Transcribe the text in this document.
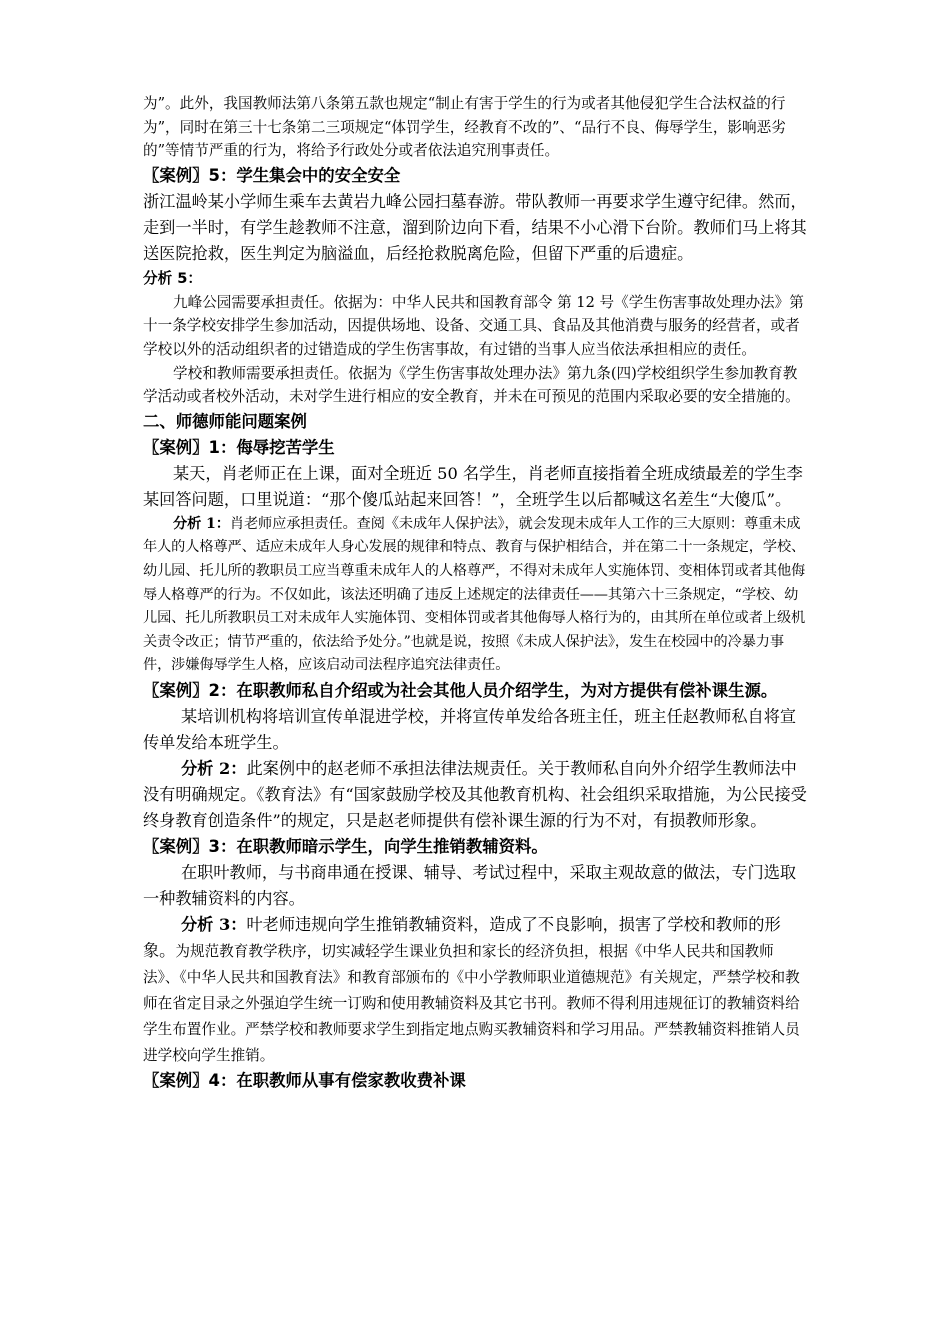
为”。此外，我国教师法第八条第五款也规定“制止有害于学生的行为或者其他侵犯学生合法权益的行为”，同时在第三十七条第二三项规定“体罚学生，经教育不改的”、“品行不良、侮辱学生，影响恶劣的”等情节严重的行为，将给予行政处分或者依法追究刑事责任。

〖案例〗5：学生集会中的安全安全

浙江温岭某小学师生乘车去黄岩九峰公园扫墓春游。带队教师一再要求学生遵守纪律。然而，走到一半时，有学生趁教师不注意，溜到阶边向下看，结果不小心滑下台阶。教师们马上将其送医院抢救，医生判定为脑溢血，后经抢救脱离危险，但留下严重的后遗症。

分析 5：

九峰公园需要承担责任。依据为：中华人民共和国教育部令 第 12 号《学生伤害事故处理办法》第十一条学校安排学生参加活动，因提供场地、设备、交通工具、食品及其他消费与服务的经营者，或者学校以外的活动组织者的过错造成的学生伤害事故，有过错的当事人应当依法承担相应的责任。

学校和教师需要承担责任。依据为《学生伤害事故处理办法》第九条(四)学校组织学生参加教育教学活动或者校外活动，未对学生进行相应的安全教育，并未在可预见的范围内采取必要的安全措施的。

二、师德师能问题案例

〖案例〗1：侮辱挖苦学生

某天，肖老师正在上课，面对全班近 50 名学生，肖老师直接指着全班成绩最差的学生李某回答问题，口里说道：“那个傻瓜站起来回答！”，全班学生以后都喊这名差生“大傻瓜”。

分析 1：肖老师应承担责任。查阅《未成年人保护法》，就会发现未成年人工作的三大原则：尊重未成年人的人格尊严、适应未成年人身心发展的规律和特点、教育与保护相结合，并在第二十一条规定，学校、幼儿园、托儿所的教职员工应当尊重未成年人的人格尊严，不得对未成年人实施体罚、变相体罚或者其他侮辱人格尊严的行为。不仅如此，该法还明确了违反上述规定的法律责任——其第六十三条规定，“学校、幼儿园、托儿所教职员工对未成年人实施体罚、变相体罚或者其他侮辱人格行为的，由其所在单位或者上级机关责令改正；情节严重的，依法给予处分。”也就是说，按照《未成人保护法》，发生在校园中的冷暴力事件，涉嫌侮辱学生人格，应该启动司法程序追究法律责任。

〖案例〗2：在职教师私自介绍或为社会其他人员介绍学生，为对方提供有偿补课生源。

某培训机构将培训宣传单混进学校，并将宣传单发给各班主任，班主任赵教师私自将宣传单发给本班学生。

分析 2：此案例中的赵老师不承担法律法规责任。关于教师私自向外介绍学生教师法中没有明确规定。《教育法》有“国家鼓励学校及其他教育机构、社会组织采取措施，为公民接受终身教育创造条件”的规定，只是赵老师提供有偿补课生源的行为不对，有损教师形象。

〖案例〗3：在职教师暗示学生，向学生推销教辅资料。

在职叶教师，与书商串通在授课、辅导、考试过程中，采取主观故意的做法，专门选取一种教辅资料的内容。

分析 3：叶老师违规向学生推销教辅资料，造成了不良影响，损害了学校和教师的形象。为规范教育教学秩序，切实减轻学生课业负担和家长的经济负担，根据《中华人民共和国教师法》、《中华人民共和国教育法》和教育部颁布的《中小学教师职业道德规范》有关规定，严禁学校和教师在省定目录之外强迫学生统一订购和使用教辅资料及其它书刊。教师不得利用违规征订的教辅资料给学生布置作业。严禁学校和教师要求学生到指定地点购买教辅资料和学习用品。严禁教辅资料推销人员进学校向学生推销。

〖案例〗4：在职教师从事有偿家教收费补课
